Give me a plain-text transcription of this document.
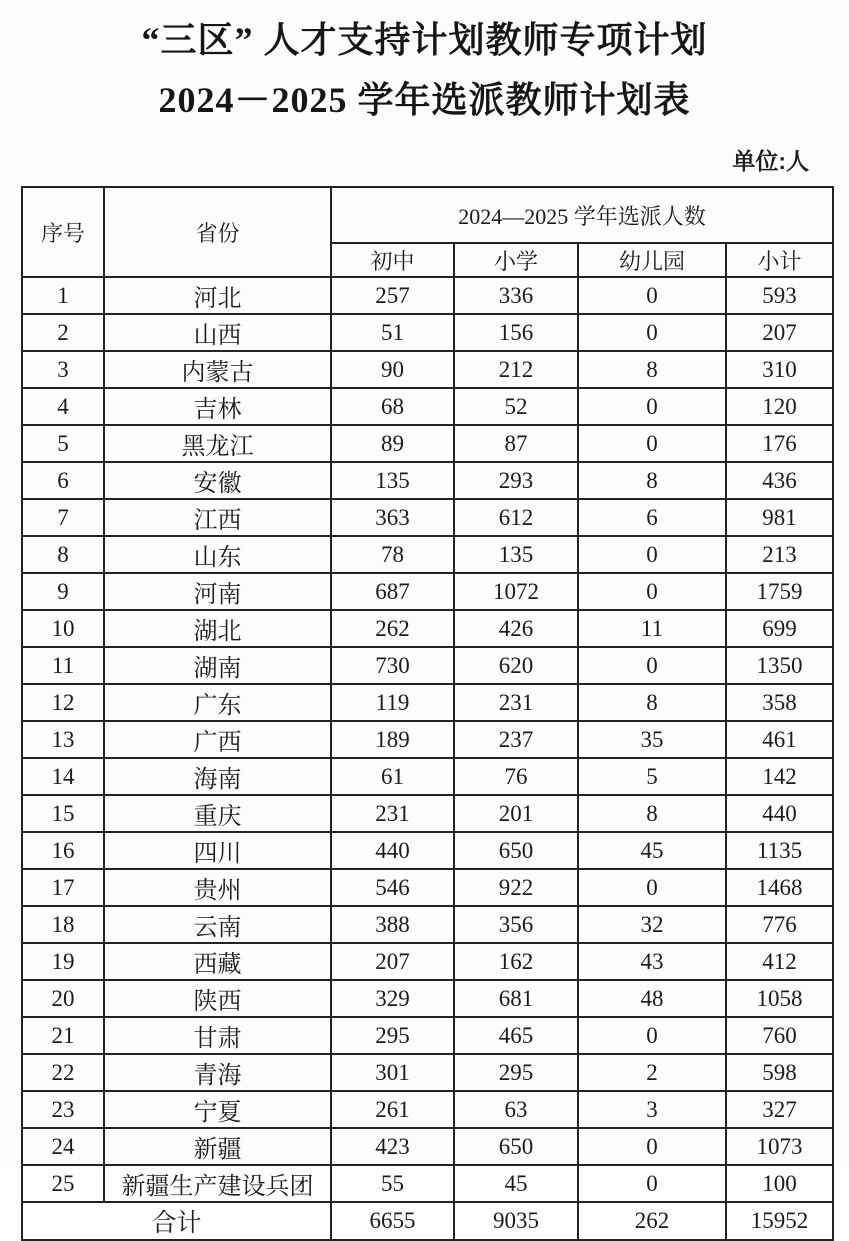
“三区” 人才支持计划教师专项计划
2024－2025 学年选派教师计划表
单位:人
序号	省份	2024—2025 学年选派人数			
		初中	小学	幼儿园	小计
1	河北	257	336	0	593
2	山西	51	156	0	207
3	内蒙古	90	212	8	310
4	吉林	68	52	0	120
5	黑龙江	89	87	0	176
6	安徽	135	293	8	436
7	江西	363	612	6	981
8	山东	78	135	0	213
9	河南	687	1072	0	1759
10	湖北	262	426	11	699
11	湖南	730	620	0	1350
12	广东	119	231	8	358
13	广西	189	237	35	461
14	海南	61	76	5	142
15	重庆	231	201	8	440
16	四川	440	650	45	1135
17	贵州	546	922	0	1468
18	云南	388	356	32	776
19	西藏	207	162	43	412
20	陕西	329	681	48	1058
21	甘肃	295	465	0	760
22	青海	301	295	2	598
23	宁夏	261	63	3	327
24	新疆	423	650	0	1073
25	新疆生产建设兵团	55	45	0	100
合计		6655	9035	262	15952
